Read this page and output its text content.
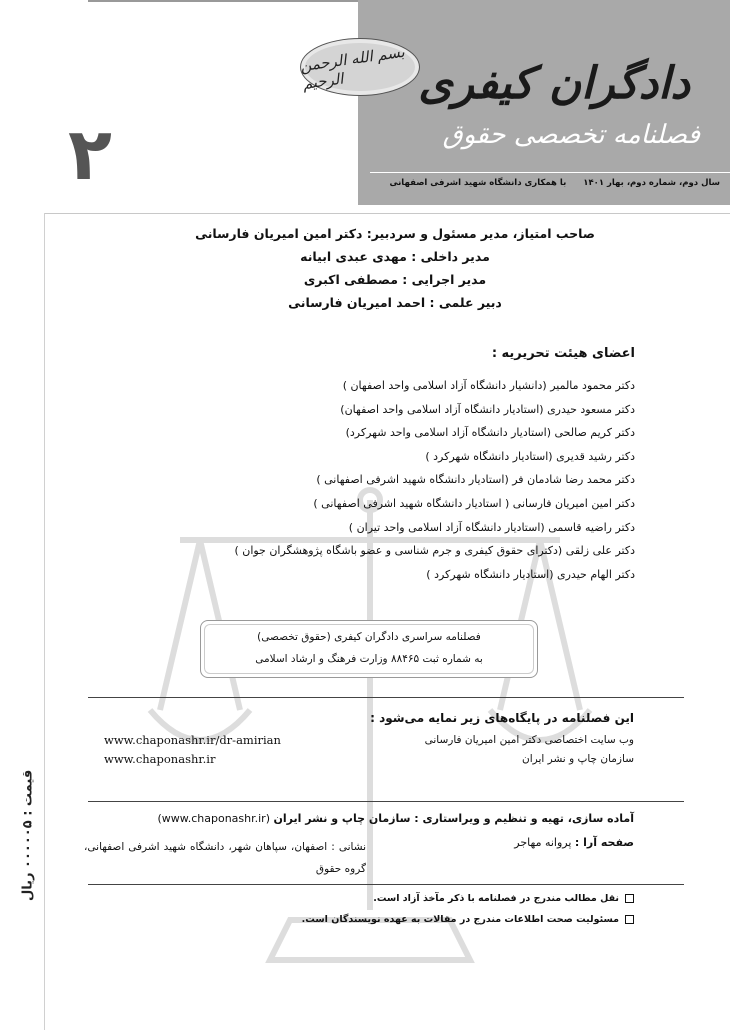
بسم الله الرحمن الرحیم
۲
دادگران کیفری
فصلنامه تخصصی حقوق
سال دوم، شماره دوم، بهار ۱۴۰۱ با همکاری دانشگاه شهید اشرفی اصفهانی
صاحب امتیاز، مدیر مسئول و سردبیر: دکتر امین امیریان فارسانی
مدیر داخلی : مهدی عبدی ابیانه
مدیر اجرایی : مصطفی اکبری
دبیر علمی : احمد امیریان فارسانی
اعضای هیئت تحریریه :
دکتر محمود مالمیر (دانشیار دانشگاه آزاد اسلامی واحد اصفهان )
دکتر مسعود حیدری (استادیار دانشگاه آزاد اسلامی واحد اصفهان)
دکتر کریم صالحی (استادیار دانشگاه آزاد اسلامی واحد شهرکرد)
دکتر رشید قدیری (استادیار دانشگاه شهرکرد )
دکتر محمد رضا شادمان فر (استادیار دانشگاه شهید اشرفی اصفهانی )
دکتر امین امیریان فارسانی ( استادیار دانشگاه شهید اشرفی اصفهانی )
دکتر راضیه قاسمی (استادیار دانشگاه آزاد اسلامی واحد تیران )
دکتر علی زلقی (دکترای حقوق کیفری و جرم شناسی و عضو باشگاه پژوهشگران جوان )
دکتر الهام حیدری (استادیار دانشگاه شهرکرد )
فصلنامه سراسری دادگران کیفری (حقوق تخصصی)
به شماره ثبت ۸۸۴۶۵ وزارت فرهنگ و ارشاد اسلامی
این فصلنامه در پایگاه‌های زیر نمایه می‌شود :
وب سایت اختصاصی دکتر امین امیریان فارسانی
سازمان چاپ و نشر ایران
www.chaponashr.ir/dr-amirian
www.chaponashr.ir
آماده سازی، تهیه و تنظیم و ویراستاری : سازمان چاپ و نشر ایران (www.chaponashr.ir)
صفحه آرا : پروانه مهاجر
نشانی : اصفهان، سپاهان شهر، دانشگاه شهید اشرفی اصفهانی، گروه حقوق
نقل مطالب مندرج در فصلنامه با ذکر مآخذ آزاد است.
مسئولیت صحت اطلاعات مندرج در مقالات به عهده نویسندگان است.
قیمت : ۰۰۰۰۰۵ ریال
